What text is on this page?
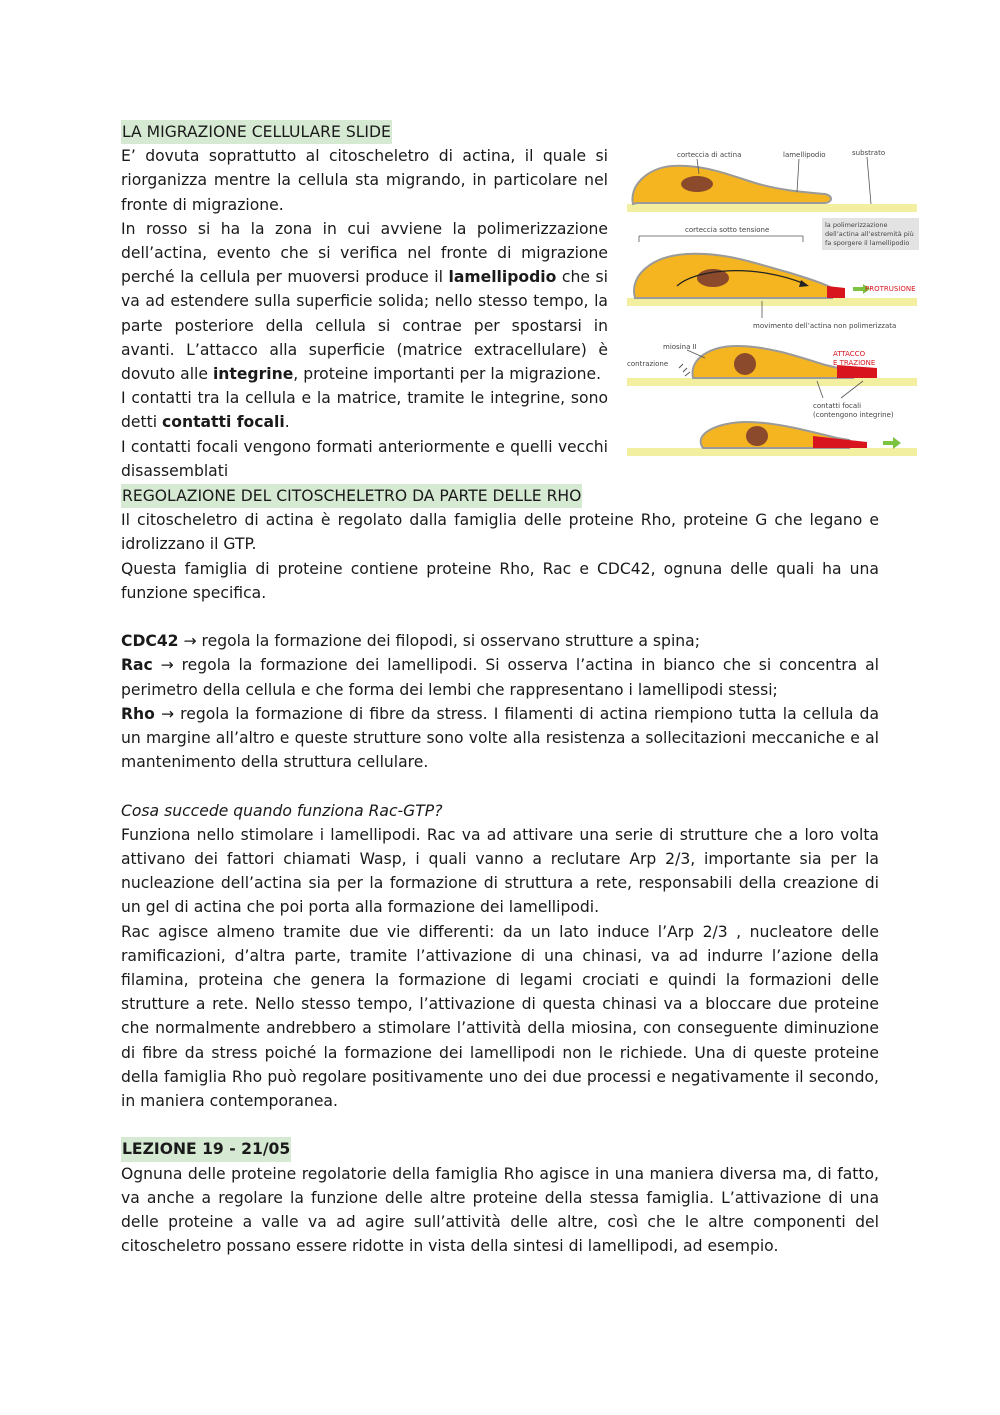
LA MIGRAZIONE CELLULARE SLIDE

E’ dovuta soprattutto al citoscheletro di actina, il quale si riorganizza mentre la cellula sta migrando, in particolare nel fronte di migrazione.

In rosso si ha la zona in cui avviene la polimerizzazione dell’actina, evento che si verifica nel fronte di migrazione perché la cellula per muoversi produce il lamellipodio che si va ad estendere sulla superficie solida; nello stesso tempo, la parte posteriore della cellula si contrae per spostarsi in avanti. L’attacco alla superficie (matrice extracellulare) è dovuto alle integrine, proteine importanti per la migrazione.

I contatti tra la cellula e la matrice, tramite le integrine, sono detti contatti focali.

I contatti focali vengono formati anteriormente e quelli vecchi disassemblati

corteccia di actina	lamellipodio	substrato
corteccia sotto tensione
la polimerizzazione
dell’actina all’estremità più
fa sporgere il lamellipodio
PROTRUSIONE
movimento dell’actina non polimerizzata
miosina II
contrazione
ATTACCO
E TRAZIONE
contatti focali
(contengono integrine)
REGOLAZIONE DEL CITOSCHELETRO DA PARTE DELLE RHO

Il citoscheletro di actina è regolato dalla famiglia delle proteine Rho, proteine G che legano e idrolizzano il GTP.

Questa famiglia di proteine contiene proteine Rho, Rac e CDC42, ognuna delle quali ha una funzione specifica.

CDC42 → regola la formazione dei filopodi, si osservano strutture a spina;

Rac → regola la formazione dei lamellipodi. Si osserva l’actina in bianco che si concentra al perimetro della cellula e che forma dei lembi che rappresentano i lamellipodi stessi;

Rho → regola la formazione di fibre da stress. I filamenti di actina riempiono tutta la cellula da un margine all’altro e queste strutture sono volte alla resistenza a sollecitazioni meccaniche e al mantenimento della struttura cellulare.

Cosa succede quando funziona Rac-GTP?

Funziona nello stimolare i lamellipodi. Rac va ad attivare una serie di strutture che a loro volta attivano dei fattori chiamati Wasp, i quali vanno a reclutare Arp 2/3, importante sia per la nucleazione dell’actina sia per la formazione di struttura a rete, responsabili della creazione di un gel di actina che poi porta alla formazione dei lamellipodi.

Rac agisce almeno tramite due vie differenti: da un lato induce l’Arp 2/3 , nucleatore delle ramificazioni, d’altra parte, tramite l’attivazione di una chinasi, va ad indurre l’azione della filamina, proteina che genera la formazione di legami crociati e quindi la formazioni delle strutture a rete. Nello stesso tempo, l’attivazione di questa chinasi va a bloccare due proteine che normalmente andrebbero a stimolare l’attività della miosina, con conseguente diminuzione di fibre da stress poiché la formazione dei lamellipodi non le richiede. Una di queste proteine della famiglia Rho può regolare positivamente uno dei due processi e negativamente il secondo, in maniera contemporanea.

LEZIONE 19 - 21/05

Ognuna delle proteine regolatorie della famiglia Rho agisce in una maniera diversa ma, di fatto, va anche a regolare la funzione delle altre proteine della stessa famiglia. L’attivazione di una delle proteine a valle va ad agire sull’attività delle altre, così che le altre componenti del citoscheletro possano essere ridotte in vista della sintesi di lamellipodi, ad esempio.
